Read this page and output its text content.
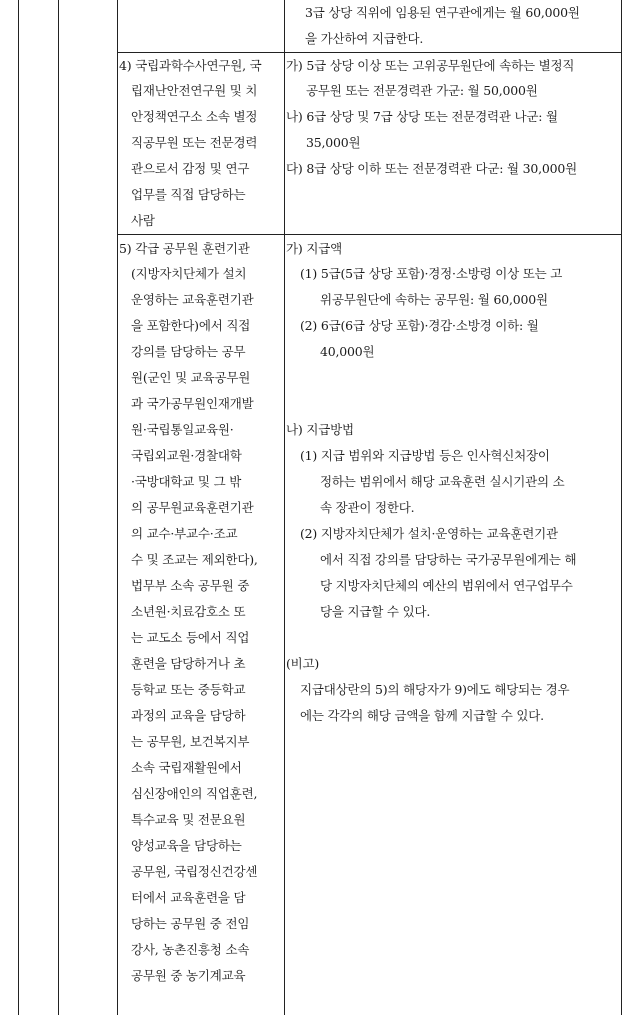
3급 상당 직위에 임용된 연구관에게는 월 60,000원
을 가산하여 지급한다.
4) 국립과학수사연구원, 국
립재난안전연구원 및 치
안정책연구소 소속 별정
직공무원 또는 전문경력
관으로서 감정 및 연구
업무를 직접 담당하는
사람
가) 5급 상당 이상 또는 고위공무원단에 속하는 별정직
공무원 또는 전문경력관 가군: 월 50,000원
나) 6급 상당 및 7급 상당 또는 전문경력관 나군: 월
35,000원
다) 8급 상당 이하 또는 전문경력관 다군: 월 30,000원
5) 각급 공무원 훈련기관
(지방자치단체가 설치
운영하는 교육훈련기관
을 포함한다)에서 직접
강의를 담당하는 공무
원(군인 및 교육공무원
과 국가공무원인재개발
원·국립통일교육원·
국립외교원·경찰대학
·국방대학교 및 그 밖
의 공무원교육훈련기관
의 교수·부교수·조교
수 및 조교는 제외한다),
법무부 소속 공무원 중
소년원·치료감호소 또
는 교도소 등에서 직업
훈련을 담당하거나 초
등학교 또는 중등학교
과정의 교육을 담당하
는 공무원, 보건복지부
소속 국립재활원에서
심신장애인의 직업훈련,
특수교육 및 전문요원
양성교육을 담당하는
공무원, 국립정신건강센
터에서 교육훈련을 담
당하는 공무원 중 전임
강사, 농촌진흥청 소속
공무원 중 농기계교육
가) 지급액
(1) 5급(5급 상당 포함)·경정·소방령 이상 또는 고
위공무원단에 속하는 공무원: 월 60,000원
(2) 6급(6급 상당 포함)·경감·소방경 이하: 월
40,000원
나) 지급방법
(1) 지급 범위와 지급방법 등은 인사혁신처장이
정하는 범위에서 해당 교육훈련 실시기관의 소
속 장관이 정한다.
(2) 지방자치단체가 설치·운영하는 교육훈련기관
에서 직접 강의를 담당하는 국가공무원에게는 해
당 지방자치단체의 예산의 범위에서 연구업무수
당을 지급할 수 있다.
(비고)
지급대상란의 5)의 해당자가 9)에도 해당되는 경우
에는 각각의 해당 금액을 함께 지급할 수 있다.
